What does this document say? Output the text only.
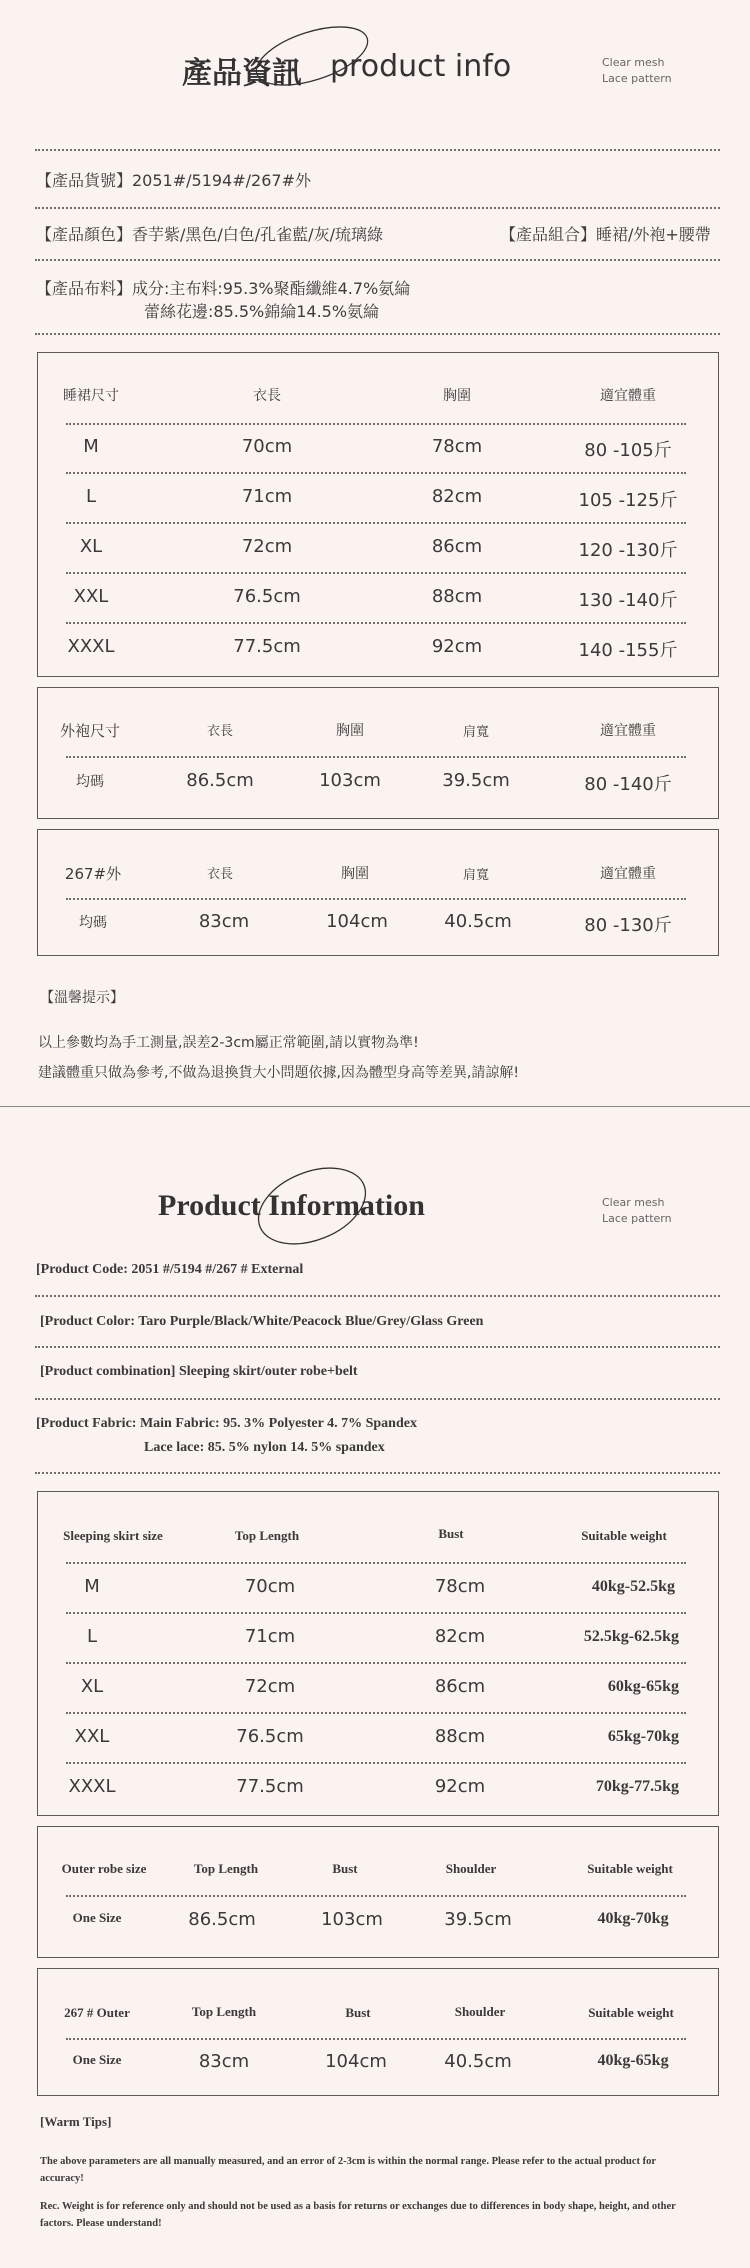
產品資訊 product info	Clear mesh
Lace pattern
【產品貨號】2051#/5194#/267#外
【產品顏色】香芋紫/黑色/白色/孔雀藍/灰/琉璃綠	【產品組合】睡裙/外袍+腰帶
【產品布料】成分:主布料:95.3%聚酯纖維4.7%氨綸
蕾絲花邊:85.5%錦綸14.5%氨綸
睡裙尺寸	衣長	胸圍	適宜體重
M	70cm	78cm	80 -105斤
L	71cm	82cm	105 -125斤
XL	72cm	86cm	120 -130斤
XXL	76.5cm	88cm	130 -140斤
XXXL	77.5cm	92cm	140 -155斤
外袍尺寸	衣長	胸圍	肩寬	適宜體重
均碼	86.5cm	103cm	39.5cm	80 -140斤
267#外	衣長	胸圍	肩寬	適宜體重
均碼	83cm	104cm	40.5cm	80 -130斤
【溫馨提示】
以上參數均為手工測量,誤差2-3cm屬正常範圍,請以實物為準!
建議體重只做為參考,不做為退換貨大小問題依據,因為體型身高等差異,請諒解!
Product Information	Clear mesh
Lace pattern
[Product Code: 2051 #/5194 #/267 # External
[Product Color: Taro Purple/Black/White/Peacock Blue/Grey/Glass Green
[Product combination] Sleeping skirt/outer robe+belt
[Product Fabric: Main Fabric: 95. 3% Polyester 4. 7% Spandex
Lace lace: 85. 5% nylon 14. 5% spandex
Sleeping skirt size	Top Length	Bust	Suitable weight
M	70cm	78cm	40kg-52.5kg
L	71cm	82cm	52.5kg-62.5kg
XL	72cm	86cm	60kg-65kg
XXL	76.5cm	88cm	65kg-70kg
XXXL	77.5cm	92cm	70kg-77.5kg
Outer robe size	Top Length	Bust	Shoulder	Suitable weight
One Size	86.5cm	103cm	39.5cm	40kg-70kg
267 # Outer	Top Length	Bust	Shoulder	Suitable weight
One Size	83cm	104cm	40.5cm	40kg-65kg
[Warm Tips]
The above parameters are all manually measured, and an error of 2-3cm is within the normal range. Please refer to the actual product for accuracy!
Rec. Weight is for reference only and should not be used as a basis for returns or exchanges due to differences in body shape, height, and other factors. Please understand!
